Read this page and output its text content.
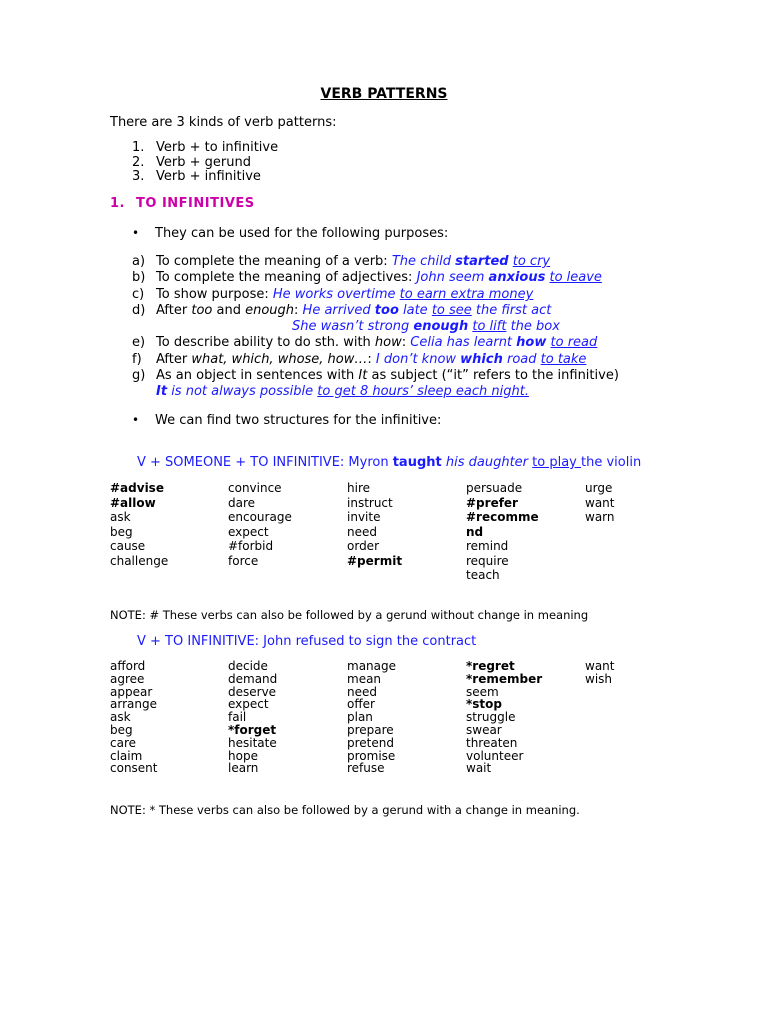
VERB PATTERNS
There are 3 kinds of verb patterns:
1. Verb + to infinitive
2. Verb + gerund
3. Verb + infinitive
1. TO INFINITIVES
• They can be used for the following purposes:
a) To complete the meaning of a verb: The child started to cry
b) To complete the meaning of adjectives: John seem anxious to leave
c) To show purpose: He works overtime to earn extra money
d) After too and enough: He arrived too late to see the first act
She wasn’t strong enough to lift the box
e) To describe ability to do sth. with how: Celia has learnt how to read
f) After what, which, whose, how…: I don’t know which road to take
g) As an object in sentences with It as subject (“it” refers to the infinitive)
It is not always possible to get 8 hours’ sleep each night.
• We can find two structures for the infinitive:
V + SOMEONE + TO INFINITIVE: Myron taught his daughter to play the violin
#advise
#allow
ask
beg
cause
challenge
convince
dare
encourage
expect
#forbid
force
hire
instruct
invite
need
order
#permit
persuade
#prefer
#recomme
nd
remind
require
teach
urge
want
warn
NOTE: # These verbs can also be followed by a gerund without change in meaning
V + TO INFINITIVE: John refused to sign the contract
afford
agree
appear
arrange
ask
beg
care
claim
consent
decide
demand
deserve
expect
fail
*forget
hesitate
hope
learn
manage
mean
need
offer
plan
prepare
pretend
promise
refuse
*regret
*remember
seem
*stop
struggle
swear
threaten
volunteer
wait
want
wish
NOTE: * These verbs can also be followed by a gerund with a change in meaning.
